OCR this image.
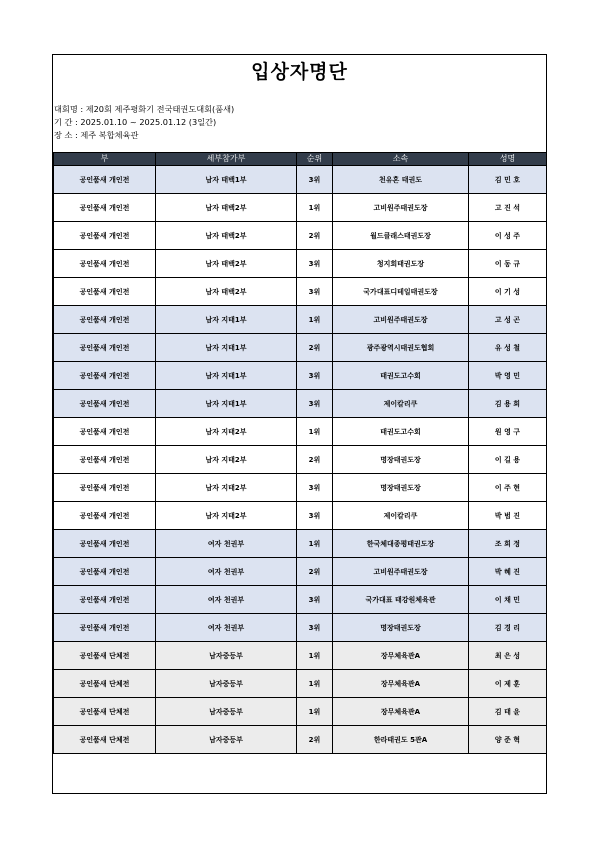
입상자명단
대회명 : 제20회 제주평화기 전국태권도대회(품새)
기 간 : 2025.01.10 ~ 2025.01.12 (3일간)
장 소 : 제주 복합체육관
부	세부참가부	순위	소속	성명
공인품새 개인전	남자 태백1부	3위	천유혼 태권도	김 민 호
공인품새 개인전	남자 태백2부	1위	고비원주태권도장	고 진 석
공인품새 개인전	남자 태백2부	2위	월드클래스태권도장	이 성 주
공인품새 개인전	남자 태백2부	3위	청지회태권도장	이 동 규
공인품새 개인전	남자 태백2부	3위	국가대표디테일태권도장	이 기 성
공인품새 개인전	남자 지태1부	1위	고비원주태권도장	고 성 곤
공인품새 개인전	남자 지태1부	2위	광주광역시태권도협회	유 성 철
공인품새 개인전	남자 지태1부	3위	태권도고수회	박 영 민
공인품새 개인전	남자 지태1부	3위	제이칼리쿠	김 용 희
공인품새 개인전	남자 지태2부	1위	태권도고수회	원 영 구
공인품새 개인전	남자 지태2부	2위	명장태권도장	이 길 용
공인품새 개인전	남자 지태2부	3위	명장태권도장	이 주 현
공인품새 개인전	남자 지태2부	3위	제이칼리쿠	박 범 진
공인품새 개인전	여자 천권부	1위	한국체대종평태권도장	조 희 정
공인품새 개인전	여자 천권부	2위	고비원주태권도장	박 혜 진
공인품새 개인전	여자 천권부	3위	국가대표 태강원체육관	이 채 민
공인품새 개인전	여자 천권부	3위	명장태권도장	김 경 리
공인품새 단체전	남자중등부	1위	장무체육관A	최 은 성
공인품새 단체전	남자중등부	1위	장무체육관A	이 제 훈
공인품새 단체전	남자중등부	1위	장무체육관A	김 태 윤
공인품새 단체전	남자중등부	2위	한라태권도 5관A	양 준 혁
